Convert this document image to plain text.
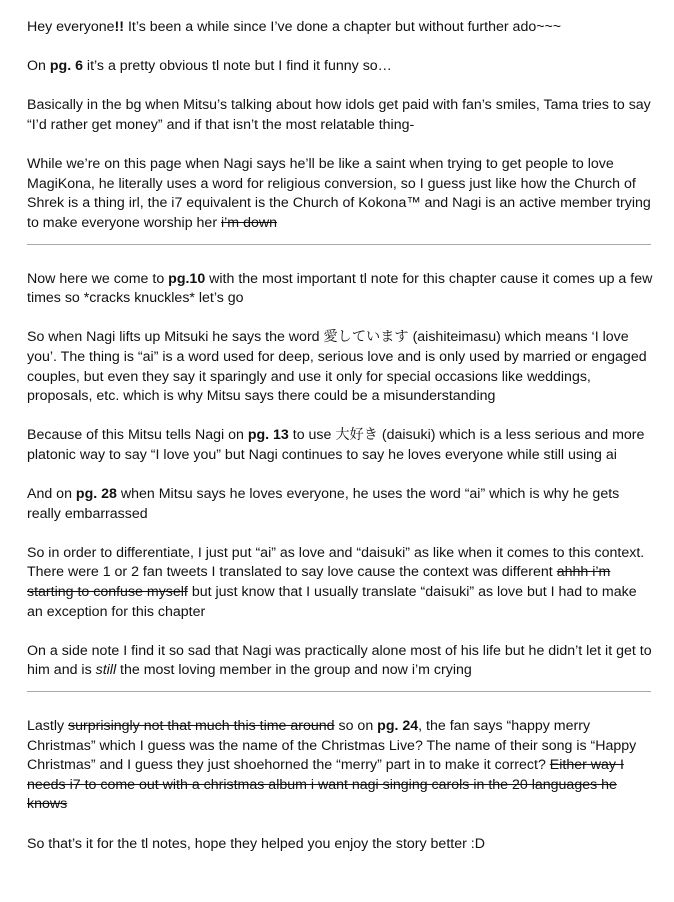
Hey everyone!! It’s been a while since I’ve done a chapter but without further ado~~~

On pg. 6 it’s a pretty obvious tl note but I find it funny so…

Basically in the bg when Mitsu’s talking about how idols get paid with fan’s smiles, Tama tries to say “I’d rather get money” and if that isn’t the most relatable thing-

While we’re on this page when Nagi says he’ll be like a saint when trying to get people to love MagiKona, he literally uses a word for religious conversion, so I guess just like how the Church of Shrek is a thing irl, the i7 equivalent is the Church of Kokona™ and Nagi is an active member trying to make everyone worship her i’m down

Now here we come to pg.10 with the most important tl note for this chapter cause it comes up a few times so *cracks knuckles* let’s go

So when Nagi lifts up Mitsuki he says the word 愛しています (aishiteimasu) which means ‘I love you’. The thing is “ai” is a word used for deep, serious love and is only used by married or engaged couples, but even they say it sparingly and use it only for special occasions like weddings, proposals, etc. which is why Mitsu says there could be a misunderstanding

Because of this Mitsu tells Nagi on pg. 13 to use 大好き (daisuki) which is a less serious and more platonic way to say “I love you” but Nagi continues to say he loves everyone while still using ai

And on pg. 28 when Mitsu says he loves everyone, he uses the word “ai” which is why he gets really embarrassed

So in order to differentiate, I just put “ai” as love and “daisuki” as like when it comes to this context. There were 1 or 2 fan tweets I translated to say love cause the context was different ahhh i’m starting to confuse myself but just know that I usually translate “daisuki” as love but I had to make an exception for this chapter

On a side note I find it so sad that Nagi was practically alone most of his life but he didn’t let it get to him and is still the most loving member in the group and now i’m crying

Lastly surprisingly not that much this time around so on pg. 24, the fan says “happy merry Christmas” which I guess was the name of the Christmas Live? The name of their song is “Happy Christmas” and I guess they just shoehorned the “merry” part in to make it correct? Either way I needs i7 to come out with a christmas album i want nagi singing carols in the 20 languages he knows

So that’s it for the tl notes, hope they helped you enjoy the story better :D
